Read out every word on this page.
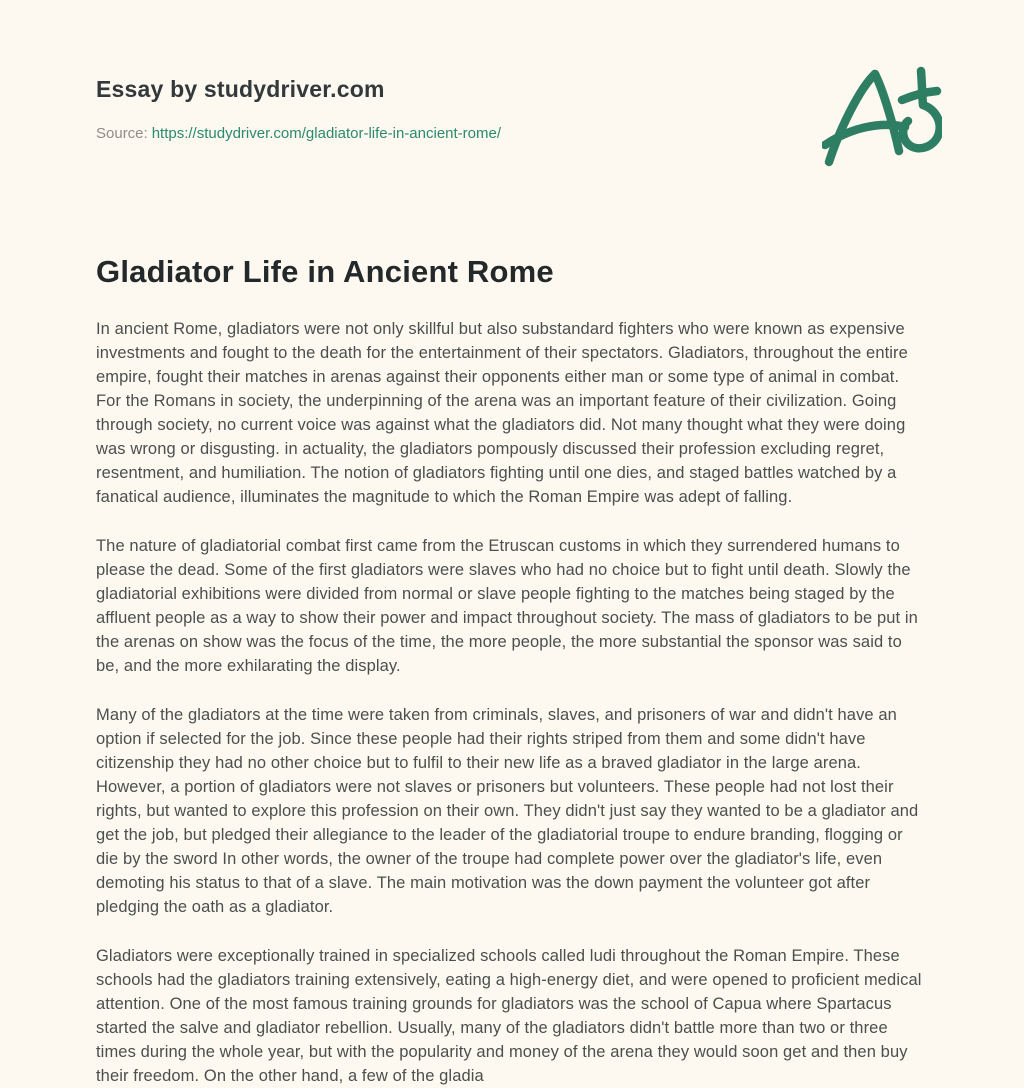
Essay by studydriver.com
Source: https://studydriver.com/gladiator-life-in-ancient-rome/
Gladiator Life in Ancient Rome

In ancient Rome, gladiators were not only skillful but also substandard fighters who were known as expensive investments and fought to the death for the entertainment of their spectators. Gladiators, throughout the entire empire, fought their matches in arenas against their opponents either man or some type of animal in combat. For the Romans in society, the underpinning of the arena was an important feature of their civilization. Going through society, no current voice was against what the gladiators did. Not many thought what they were doing was wrong or disgusting. in actuality, the gladiators pompously discussed their profession excluding regret, resentment, and humiliation. The notion of gladiators fighting until one dies, and staged battles watched by a fanatical audience, illuminates the magnitude to which the Roman Empire was adept of falling.

The nature of gladiatorial combat first came from the Etruscan customs in which they surrendered humans to please the dead. Some of the first gladiators were slaves who had no choice but to fight until death. Slowly the gladiatorial exhibitions were divided from normal or slave people fighting to the matches being staged by the affluent people as a way to show their power and impact throughout society. The mass of gladiators to be put in the arenas on show was the focus of the time, the more people, the more substantial the sponsor was said to be, and the more exhilarating the display.

Many of the gladiators at the time were taken from criminals, slaves, and prisoners of war and didn't have an option if selected for the job. Since these people had their rights striped from them and some didn't have citizenship they had no other choice but to fulfil to their new life as a braved gladiator in the large arena. However, a portion of gladiators were not slaves or prisoners but volunteers. These people had not lost their rights, but wanted to explore this profession on their own. They didn't just say they wanted to be a gladiator and get the job, but pledged their allegiance to the leader of the gladiatorial troupe to endure branding, flogging or die by the sword In other words, the owner of the troupe had complete power over the gladiator's life, even demoting his status to that of a slave. The main motivation was the down payment the volunteer got after pledging the oath as a gladiator.

Gladiators were exceptionally trained in specialized schools called ludi throughout the Roman Empire. These schools had the gladiators training extensively, eating a high-energy diet, and were opened to proficient medical attention. One of the most famous training grounds for gladiators was the school of Capua where Spartacus started the salve and gladiator rebellion. Usually, many of the gladiators didn't battle more than two or three times during the whole year, but with the popularity and money of the arena they would soon get and then buy their freedom. On the other hand, a few of the gladia
